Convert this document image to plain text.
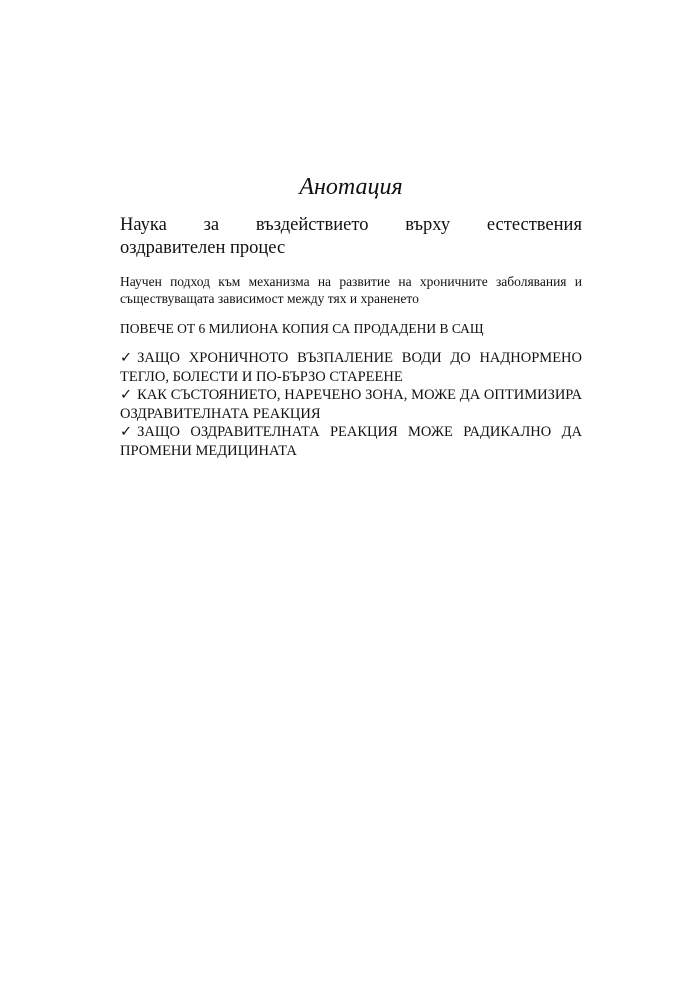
Анотация
Наука за въздействието върху естествения
оздравителен процес

Научен подход към механизма на развитие на хроничните заболявания и съществуващата зависимост между тях и храненето

ПОВЕЧЕ ОТ 6 МИЛИОНА КОПИЯ СА ПРОДАДЕНИ В САЩ

✓ ЗАЩО ХРОНИЧНОТО ВЪЗПАЛЕНИЕ ВОДИ ДО НАДНОРМЕНО ТЕГЛО, БОЛЕСТИ И ПО-БЪРЗО СТАРЕЕНЕ
✓ КАК СЪСТОЯНИЕТО, НАРЕЧЕНО ЗОНА, МОЖЕ ДА ОПТИМИЗИРА ОЗДРАВИТЕЛНАТА РЕАКЦИЯ
✓ ЗАЩО ОЗДРАВИТЕЛНАТА РЕАКЦИЯ МОЖЕ РАДИКАЛНО ДА ПРОМЕНИ МЕДИЦИНАТА
